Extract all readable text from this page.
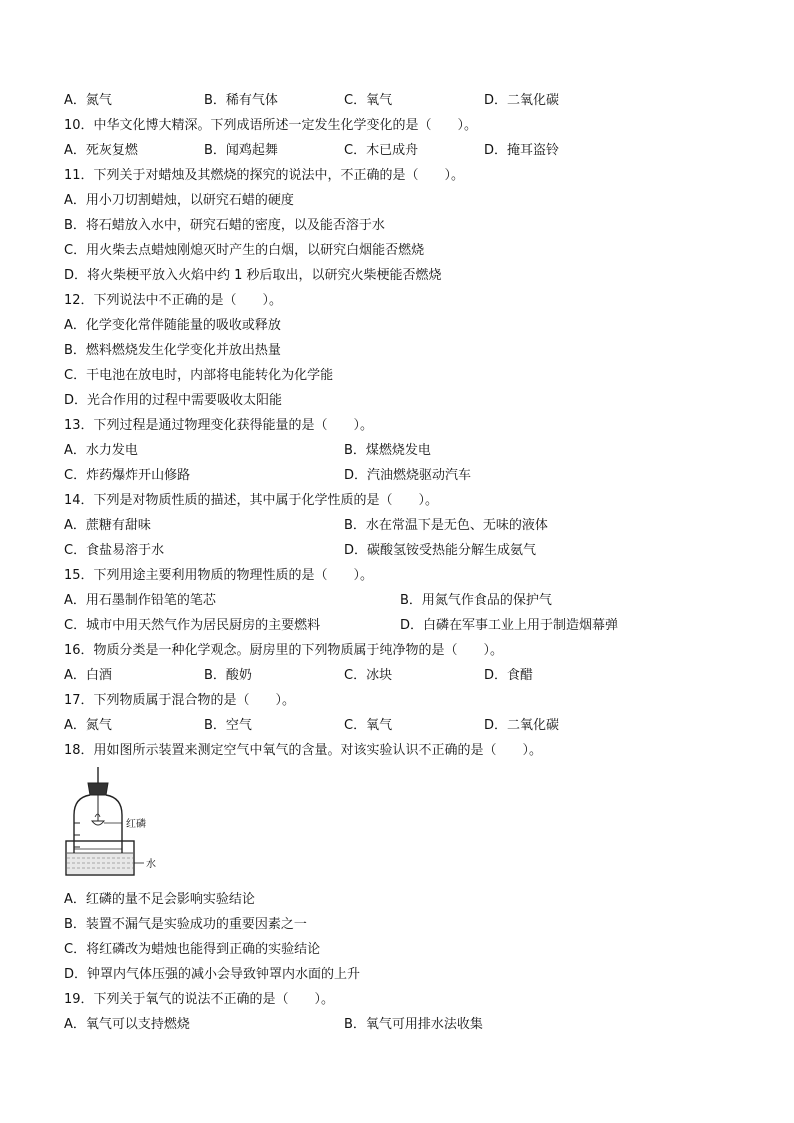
A．氮气	B．稀有气体	C．氧气	D．二氧化碳
10．中华文化博大精深。下列成语所述一定发生化学变化的是（　　）。
A．死灰复燃	B．闻鸡起舞	C．木已成舟	D．掩耳盗铃
11．下列关于对蜡烛及其燃烧的探究的说法中，不正确的是（　　）。
A．用小刀切割蜡烛，以研究石蜡的硬度
B．将石蜡放入水中，研究石蜡的密度，以及能否溶于水
C．用火柴去点蜡烛刚熄灭时产生的白烟，以研究白烟能否燃烧
D．将火柴梗平放入火焰中约 1 秒后取出，以研究火柴梗能否燃烧
12．下列说法中不正确的是（　　）。
A．化学变化常伴随能量的吸收或释放
B．燃料燃烧发生化学变化并放出热量
C．干电池在放电时，内部将电能转化为化学能
D．光合作用的过程中需要吸收太阳能
13．下列过程是通过物理变化获得能量的是（　　）。
A．水力发电	B．煤燃烧发电
C．炸药爆炸开山修路	D．汽油燃烧驱动汽车
14．下列是对物质性质的描述，其中属于化学性质的是（　　）。
A．蔗糖有甜味	B．水在常温下是无色、无味的液体
C．食盐易溶于水	D．碳酸氢铵受热能分解生成氨气
15．下列用途主要利用物质的物理性质的是（　　）。
A．用石墨制作铅笔的笔芯	B．用氮气作食品的保护气
C．城市中用天然气作为居民厨房的主要燃料	D．白磷在军事工业上用于制造烟幕弹
16．物质分类是一种化学观念。厨房里的下列物质属于纯净物的是（　　）。
A．白酒	B．酸奶	C．冰块	D．食醋
17．下列物质属于混合物的是（　　）。
A．氮气	B．空气	C．氧气	D．二氧化碳
18．用如图所示装置来测定空气中氧气的含量。对该实验认识不正确的是（　　）。
红磷
水
A．红磷的量不足会影响实验结论
B．装置不漏气是实验成功的重要因素之一
C．将红磷改为蜡烛也能得到正确的实验结论
D．钟罩内气体压强的减小会导致钟罩内水面的上升
19．下列关于氧气的说法不正确的是（　　）。
A．氧气可以支持燃烧	B．氧气可用排水法收集
